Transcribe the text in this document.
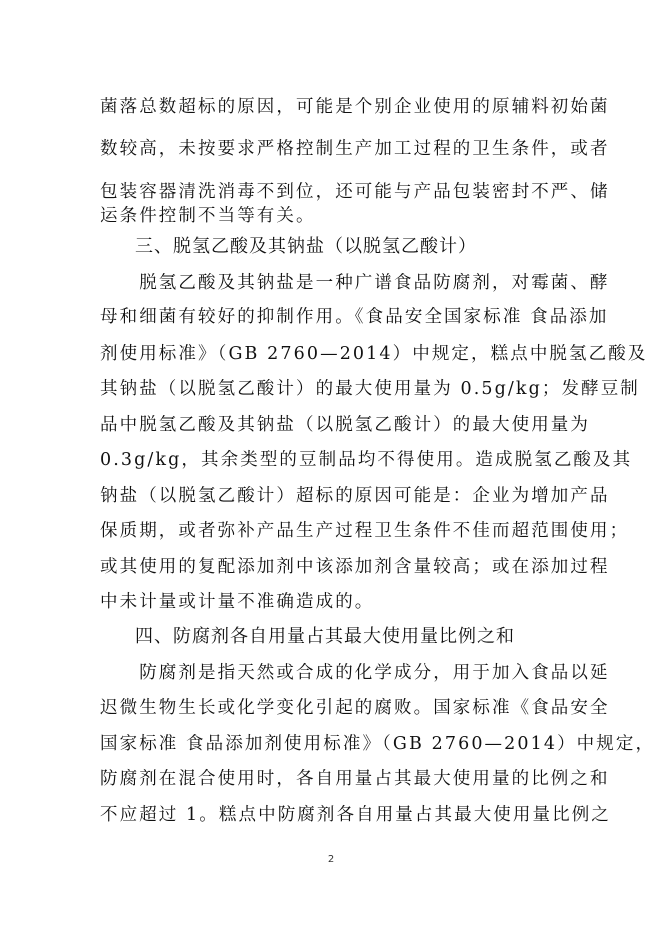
菌落总数超标的原因，可能是个别企业使用的原辅料初始菌
数较高，未按要求严格控制生产加工过程的卫生条件，或者
包装容器清洗消毒不到位，还可能与产品包装密封不严、储
运条件控制不当等有关。
三、脱氢乙酸及其钠盐（以脱氢乙酸计）
　　脱氢乙酸及其钠盐是一种广谱食品防腐剂，对霉菌、酵
母和细菌有较好的抑制作用。《食品安全国家标准 食品添加
剂使用标准》（GB 2760—2014）中规定，糕点中脱氢乙酸及
其钠盐（以脱氢乙酸计）的最大使用量为 0.5g/kg；发酵豆制
品中脱氢乙酸及其钠盐（以脱氢乙酸计）的最大使用量为
0.3g/kg，其余类型的豆制品均不得使用。造成脱氢乙酸及其
钠盐（以脱氢乙酸计）超标的原因可能是：企业为增加产品
保质期，或者弥补产品生产过程卫生条件不佳而超范围使用；
或其使用的复配添加剂中该添加剂含量较高；或在添加过程
中未计量或计量不准确造成的。
四、防腐剂各自用量占其最大使用量比例之和
　　防腐剂是指天然或合成的化学成分，用于加入食品以延
迟微生物生长或化学变化引起的腐败。国家标准《食品安全
国家标准 食品添加剂使用标准》（GB 2760—2014）中规定，
防腐剂在混合使用时，各自用量占其最大使用量的比例之和
不应超过 1。糕点中防腐剂各自用量占其最大使用量比例之
2
